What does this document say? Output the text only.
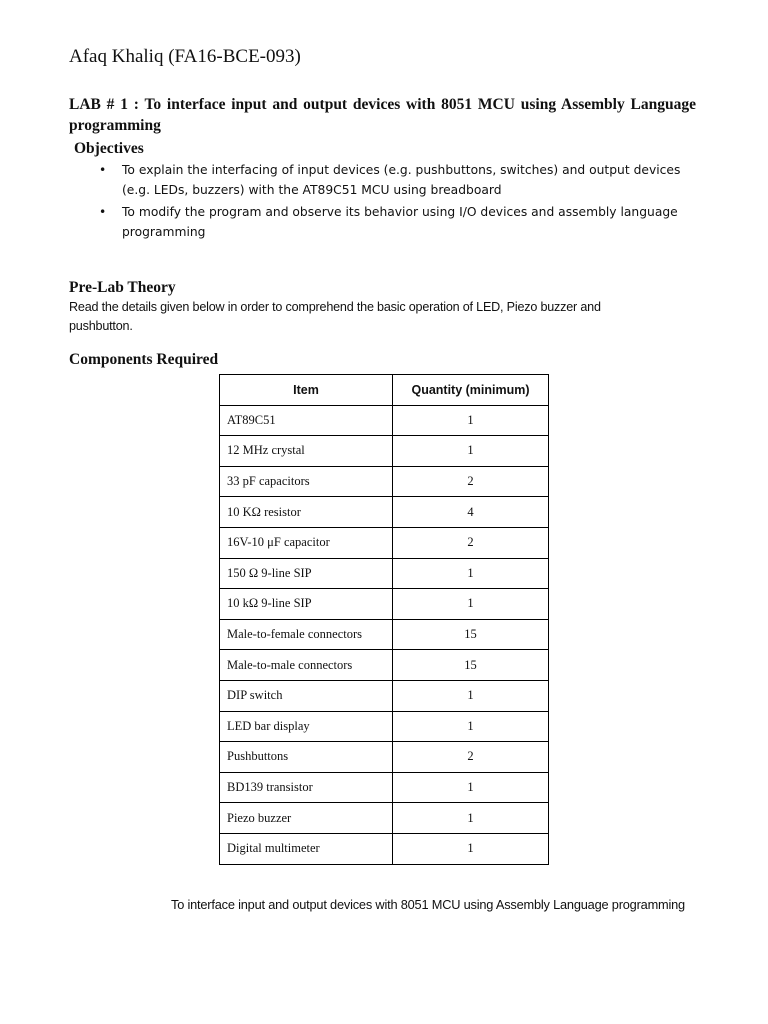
Afaq Khaliq (FA16-BCE-093)
LAB # 1 : To interface input and output devices with 8051 MCU using Assembly Language programming
Objectives
• To explain the interfacing of input devices (e.g. pushbuttons, switches) and output devices (e.g. LEDs, buzzers) with the AT89C51 MCU using breadboard
• To modify the program and observe its behavior using I/O devices and assembly language programming
Pre-Lab Theory
Read the details given below in order to comprehend the basic operation of LED, Piezo buzzer and pushbutton.
Components Required
Item	Quantity (minimum)
AT89C51	1
12 MHz crystal	1
33 pF capacitors	2
10 KΩ resistor	4
16V-10 μF capacitor	2
150 Ω 9-line SIP	1
10 kΩ 9-line SIP	1
Male-to-female connectors	15
Male-to-male connectors	15
DIP switch	1
LED bar display	1
Pushbuttons	2
BD139 transistor	1
Piezo buzzer	1
Digital multimeter	1
To interface input and output devices with 8051 MCU using Assembly Language programming
